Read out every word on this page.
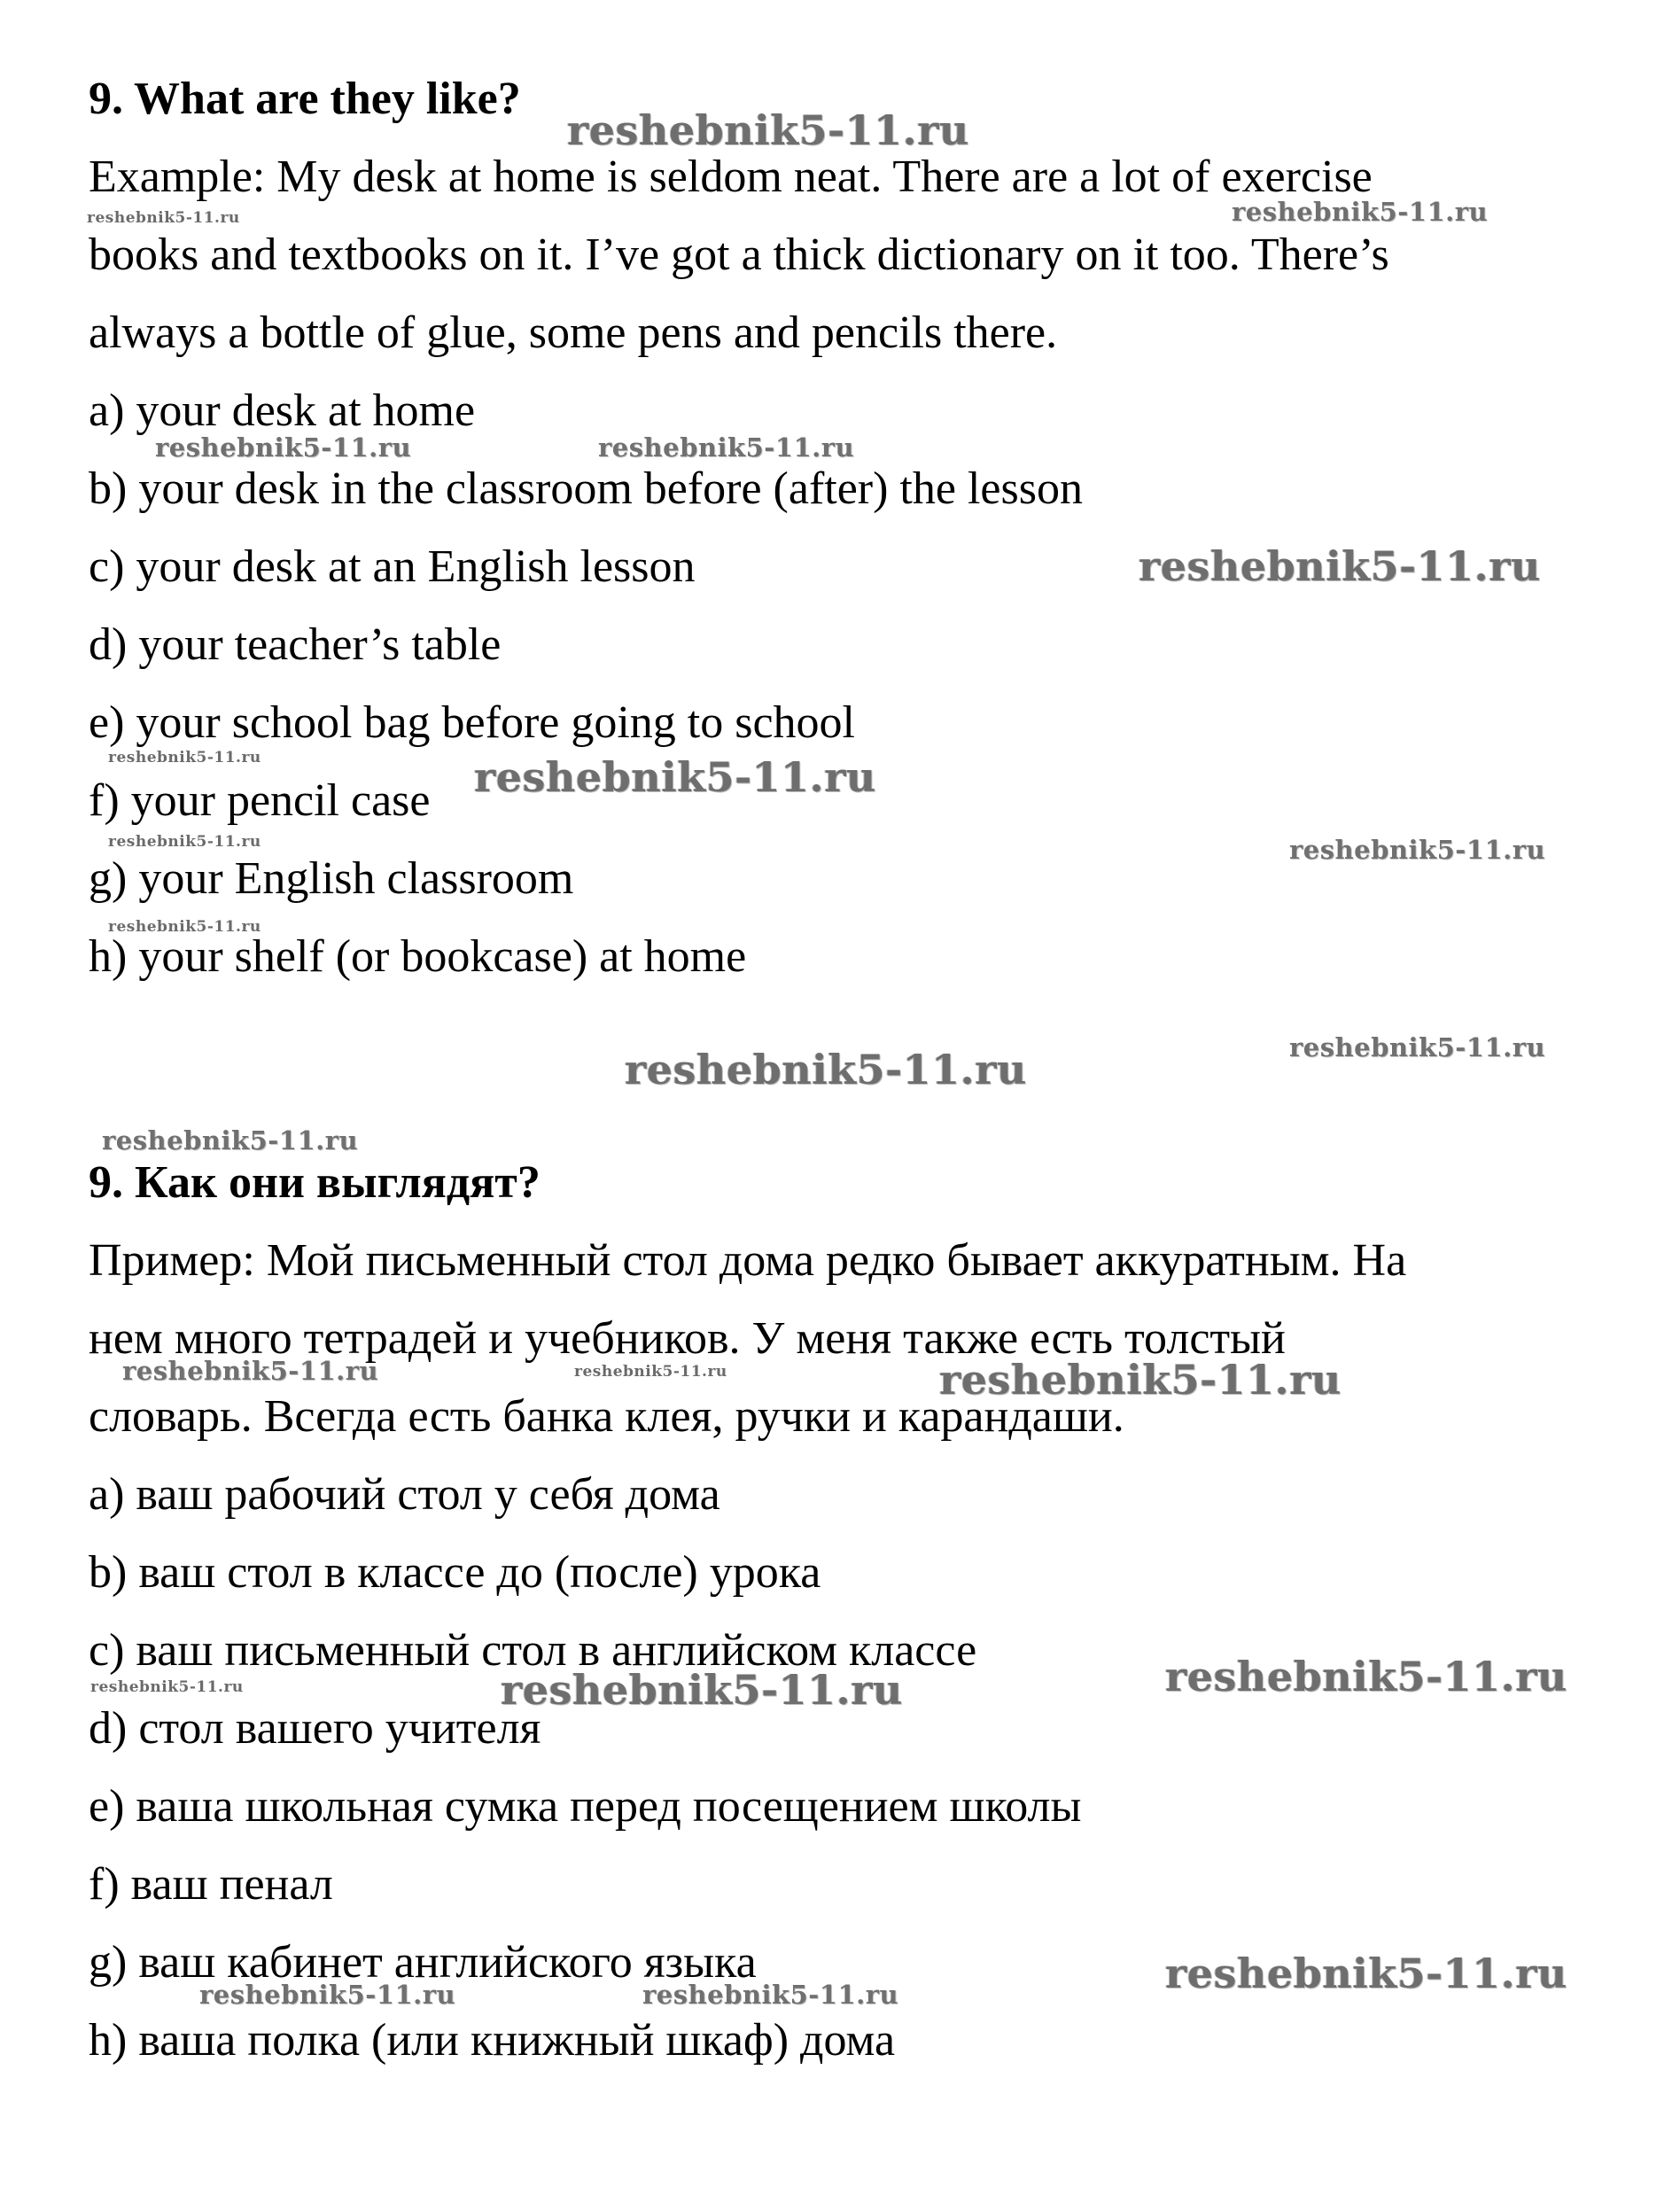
9. What are they like?
Example: My desk at home is seldom neat. There are a lot of exercise
books and textbooks on it. I’ve got a thick dictionary on it too. There’s
always a bottle of glue, some pens and pencils there.
a) your desk at home
b) your desk in the classroom before (after) the lesson
c) your desk at an English lesson
d) your teacher’s table
e) your school bag before going to school
f) your pencil case
g) your English classroom
h) your shelf (or bookcase) at home
9. Как они выглядят?
Пример: Мой письменный стол дома редко бывает аккуратным. На
нем много тетрадей и учебников. У меня также есть толстый
словарь. Всегда есть банка клея, ручки и карандаши.
a) ваш рабочий стол у себя дома
b) ваш стол в классе до (после) урока
c) ваш письменный стол в английском классе
d) стол вашего учителя
e) ваша школьная сумка перед посещением школы
f) ваш пенал
g) ваш кабинет английского языка
h) ваша полка (или книжный шкаф) дома
reshebnik5-11.ru
reshebnik5-11.ru	reshebnik5-11.ru
reshebnik5-11.ru	reshebnik5-11.ru
reshebnik5-11.ru
reshebnik5-11.ru	reshebnik5-11.ru
reshebnik5-11.ru	reshebnik5-11.ru
reshebnik5-11.ru
reshebnik5-11.ru	reshebnik5-11.ru
reshebnik5-11.ru
reshebnik5-11.ru	reshebnik5-11.ru	reshebnik5-11.ru
reshebnik5-11.ru	reshebnik5-11.ru	reshebnik5-11.ru
reshebnik5-11.ru
reshebnik5-11.ru	reshebnik5-11.ru
